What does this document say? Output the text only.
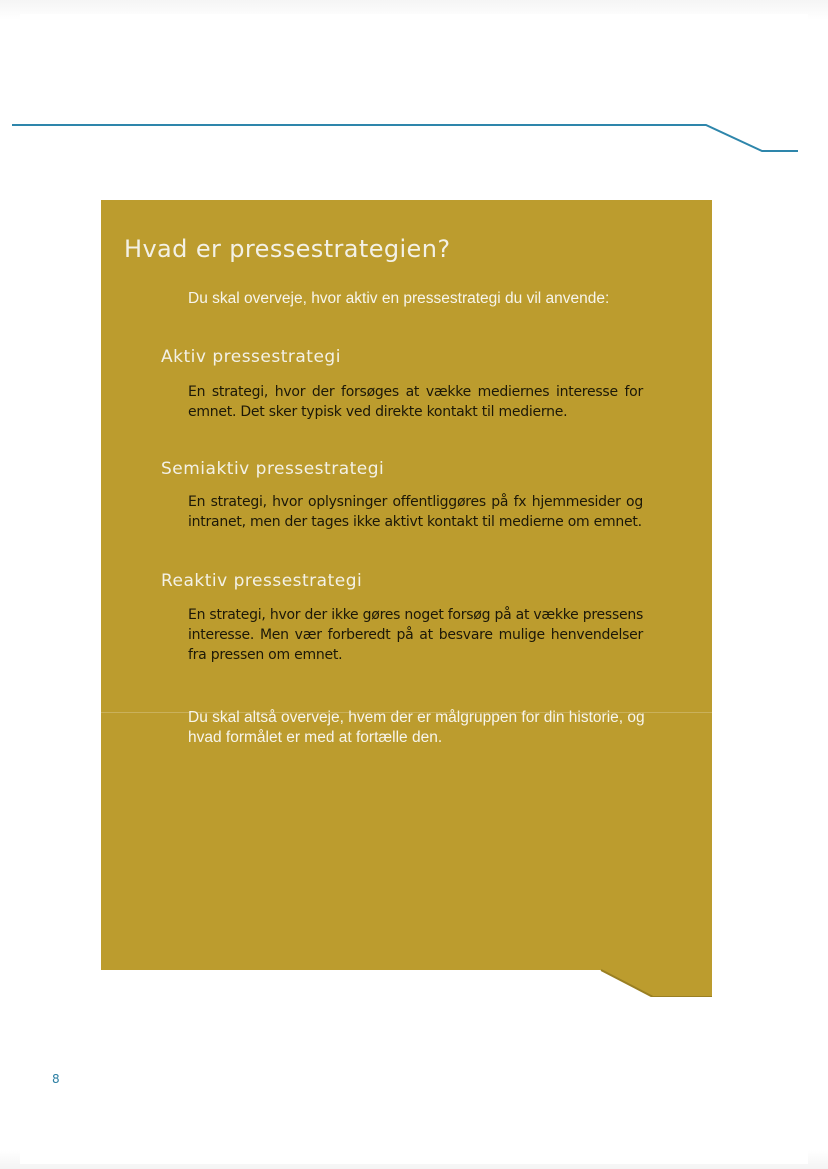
Hvad er pressestrategien?

Du skal overveje, hvor aktiv en pressestrategi du vil anvende:

Aktiv pressestrategi

En strategi, hvor der forsøges at vække mediernes interesse for emnet. Det sker typisk ved direkte kontakt til medierne.

Semiaktiv pressestrategi

En strategi, hvor oplysninger offentliggøres på fx hjemmesider og intranet, men der tages ikke aktivt kontakt til medierne om emnet.

Reaktiv pressestrategi

En strategi, hvor der ikke gøres noget forsøg på at vække pressens interesse. Men vær forberedt på at besvare mulige henvendelser fra pressen om emnet.

Du skal altså overveje, hvem der er målgruppen for din historie, og hvad formålet er med at fortælle den.

8
